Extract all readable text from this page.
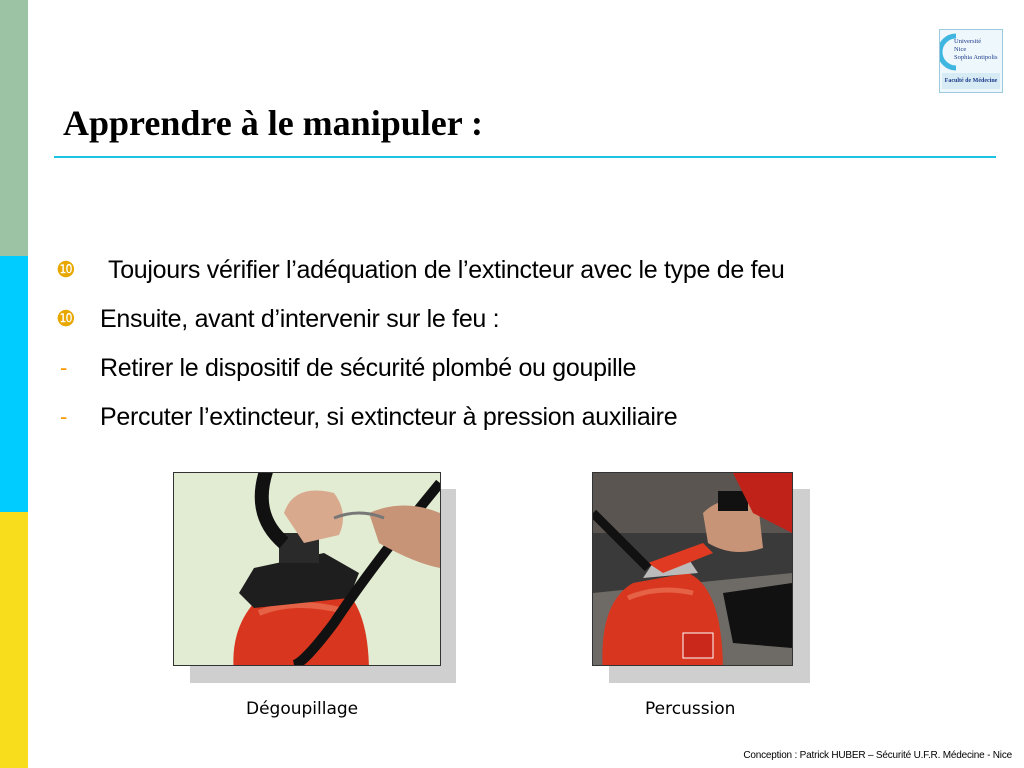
Université
Nice
Sophia Antipolis
Faculté de Médecine
Apprendre à le manipuler :
❿	Toujours vérifier l’adéquation de l’extincteur avec le type de feu
❿ Ensuite, avant d’intervenir sur le feu :
-	Retirer le dispositif de sécurité plombé ou goupille
-	Percuter l’extincteur, si extincteur à pression auxiliaire
Dégoupillage	Percussion
Conception : Patrick HUBER – Sécurité U.F.R. Médecine - Nice
